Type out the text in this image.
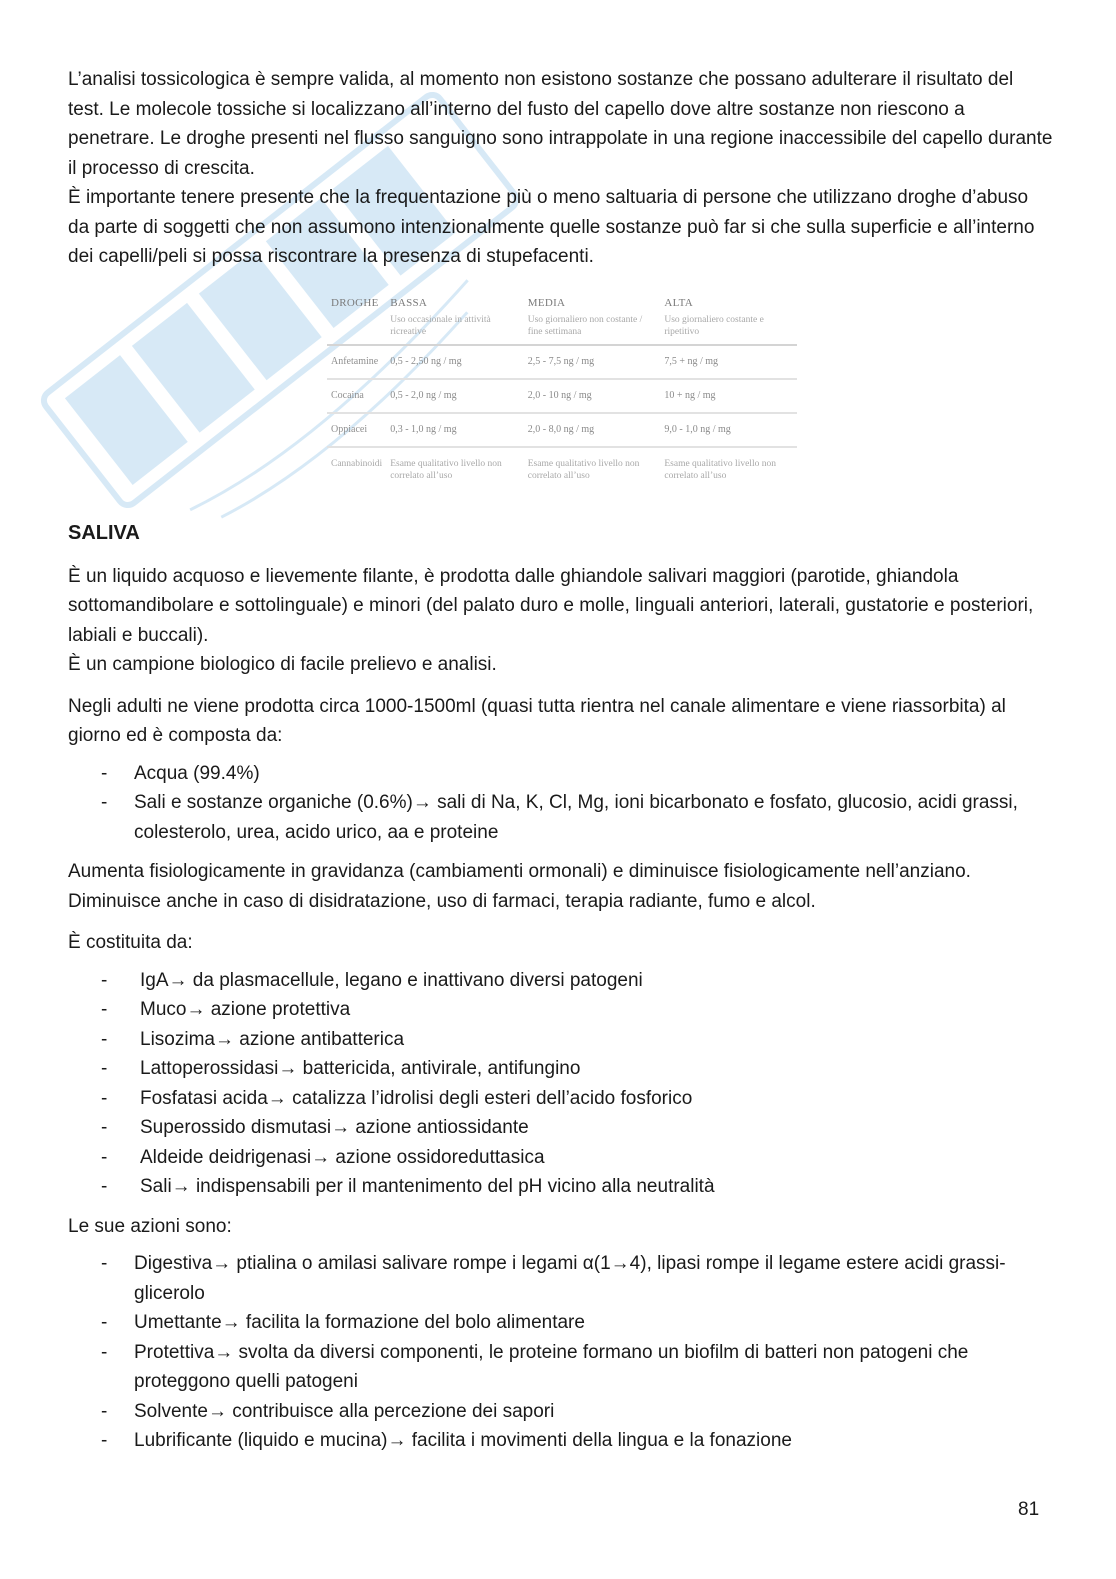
L’analisi tossicologica è sempre valida, al momento non esistono sostanze che possano adulterare il risultato del test. Le molecole tossiche si localizzano all’interno del fusto del capello dove altre sostanze non riescono a penetrare. Le droghe presenti nel flusso sanguigno sono intrappolate in una regione inaccessibile del capello durante il processo di crescita.

È importante tenere presente che la frequentazione più o meno saltuaria di persone che utilizzano droghe d’abuso da parte di soggetti che non assumono intenzionalmente quelle sostanze può far si che sulla superficie e all’interno dei capelli/peli si possa riscontrare la presenza di stupefacenti.

DROGHE	BASSA	MEDIA	ALTA
	Uso occasionale in attività ricreative	Uso giornaliero non costante / fine settimana	Uso giornaliero costante e ripetitivo
Anfetamine	0,5 - 2,50 ng / mg	2,5 - 7,5 ng / mg	7,5 + ng / mg
Cocaina	0,5 - 2,0 ng / mg	2,0 - 10 ng / mg	10 + ng / mg
Oppiacei	0,3 - 1,0 ng / mg	2,0 - 8,0 ng / mg	9,0 - 1,0 ng / mg
Cannabinoidi	Esame qualitativo livello non correlato all’uso	Esame qualitativo livello non correlato all’uso	Esame qualitativo livello non correlato all’uso
SALIVA

È un liquido acquoso e lievemente filante, è prodotta dalle ghiandole salivari maggiori (parotide, ghiandola sottomandibolare e sottolinguale) e minori (del palato duro e molle, linguali anteriori, laterali, gustatorie e posteriori, labiali e buccali).

È un campione biologico di facile prelievo e analisi.

Negli adulti ne viene prodotta circa 1000-1500ml (quasi tutta rientra nel canale alimentare e viene riassorbita) al giorno ed è composta da:

- Acqua (99.4%)
- Sali e sostanze organiche (0.6%)→ sali di Na, K, Cl, Mg, ioni bicarbonato e fosfato, glucosio, acidi grassi, colesterolo, urea, acido urico, aa e proteine

Aumenta fisiologicamente in gravidanza (cambiamenti ormonali) e diminuisce fisiologicamente nell’anziano. Diminuisce anche in caso di disidratazione, uso di farmaci, terapia radiante, fumo e alcol.

È costituita da:

- IgA→ da plasmacellule, legano e inattivano diversi patogeni
- Muco→ azione protettiva
- Lisozima→ azione antibatterica
- Lattoperossidasi→ battericida, antivirale, antifungino
- Fosfatasi acida→ catalizza l’idrolisi degli esteri dell’acido fosforico
- Superossido dismutasi→ azione antiossidante
- Aldeide deidrigenasi→ azione ossidoreduttasica
- Sali→ indispensabili per il mantenimento del pH vicino alla neutralità

Le sue azioni sono:

- Digestiva→ ptialina o amilasi salivare rompe i legami α(1→4), lipasi rompe il legame estere acidi grassi-glicerolo
- Umettante→ facilita la formazione del bolo alimentare
- Protettiva→ svolta da diversi componenti, le proteine formano un biofilm di batteri non patogeni che proteggono quelli patogeni
- Solvente→ contribuisce alla percezione dei sapori
- Lubrificante (liquido e mucina)→ facilita i movimenti della lingua e la fonazione
81
